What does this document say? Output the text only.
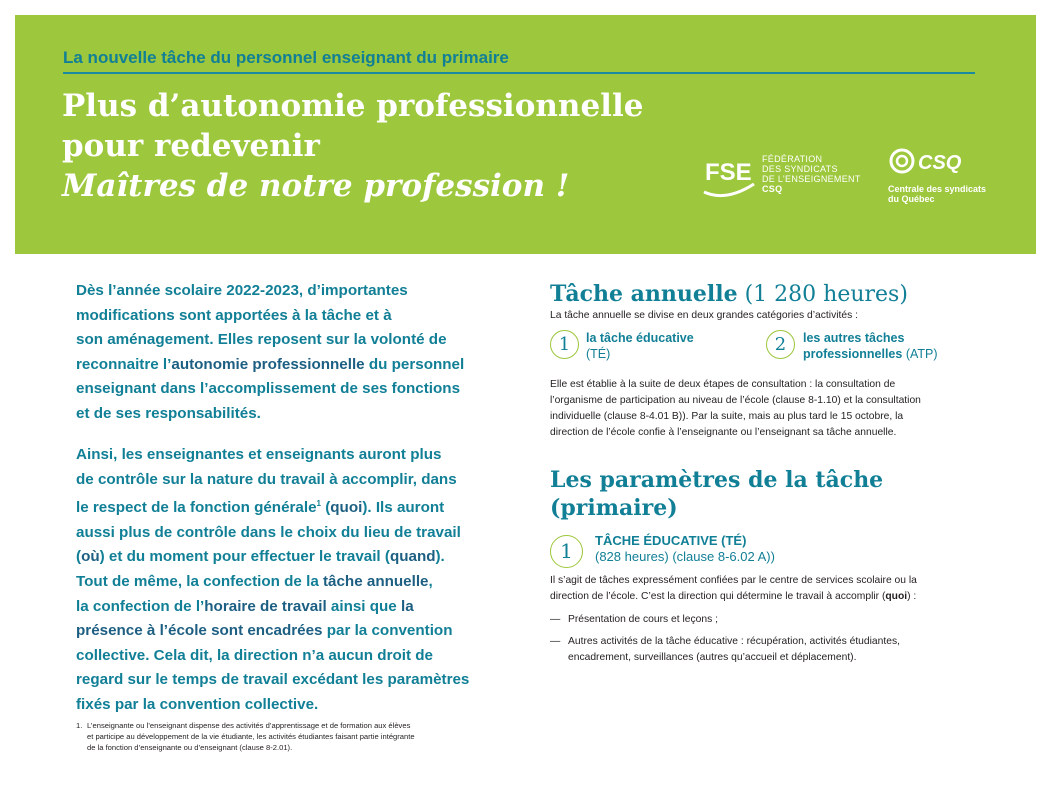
La nouvelle tâche du personnel enseignant du primaire
Plus d’autonomie professionnelle
pour redevenir
Maîtres de notre profession !	FSE FÉDÉRATION
DES SYNDICATS
DE L’ENSEIGNEMENT
CSQ
CSQ
Centrale des syndicats
du Québec
Dès l’année scolaire 2022-2023, d’importantes
modifications sont apportées à la tâche et à
son aménagement. Elles reposent sur la volonté de
reconnaitre l’autonomie professionnelle du personnel
enseignant dans l’accomplissement de ses fonctions
et de ses responsabilités.
Ainsi, les enseignantes et enseignants auront plus
de contrôle sur la nature du travail à accomplir, dans
le respect de la fonction générale$^1$ (quoi). Ils auront
aussi plus de contrôle dans le choix du lieu de travail
(où) et du moment pour effectuer le travail (quand).
Tout de même, la confection de la tâche annuelle,
la confection de l’horaire de travail ainsi que la
présence à l’école sont encadrées par la convention
collective. Cela dit, la direction n’a aucun droit de
regard sur le temps de travail excédant les paramètres
fixés par la convention collective.
1. L’enseignante ou l’enseignant dispense des activités d’apprentissage et de formation aux élèves
et participe au développement de la vie étudiante, les activités étudiantes faisant partie intégrante
de la fonction d’enseignante ou d’enseignant (clause 8-2.01).
Tâche annuelle (1 280 heures)
La tâche annuelle se divise en deux grandes catégories d’activités :
1	la tâche éducative
(TÉ)	2	les autres tâches
professionnelles (ATP)
Elle est établie à la suite de deux étapes de consultation : la consultation de
l’organisme de participation au niveau de l’école (clause 8-1.10) et la consultation
individuelle (clause 8-4.01 B)). Par la suite, mais au plus tard le 15 octobre, la
direction de l’école confie à l’enseignante ou l’enseignant sa tâche annuelle.
Les paramètres de la tâche
(primaire)
1	TÂCHE ÉDUCATIVE (TÉ)
(828 heures) (clause 8-6.02 A))
Il s’agit de tâches expressément confiées par le centre de services scolaire ou la
direction de l’école. C’est la direction qui détermine le travail à accomplir (quoi) :
— Présentation de cours et leçons ;
— Autres activités de la tâche éducative : récupération, activités étudiantes,
encadrement, surveillances (autres qu’accueil et déplacement).
